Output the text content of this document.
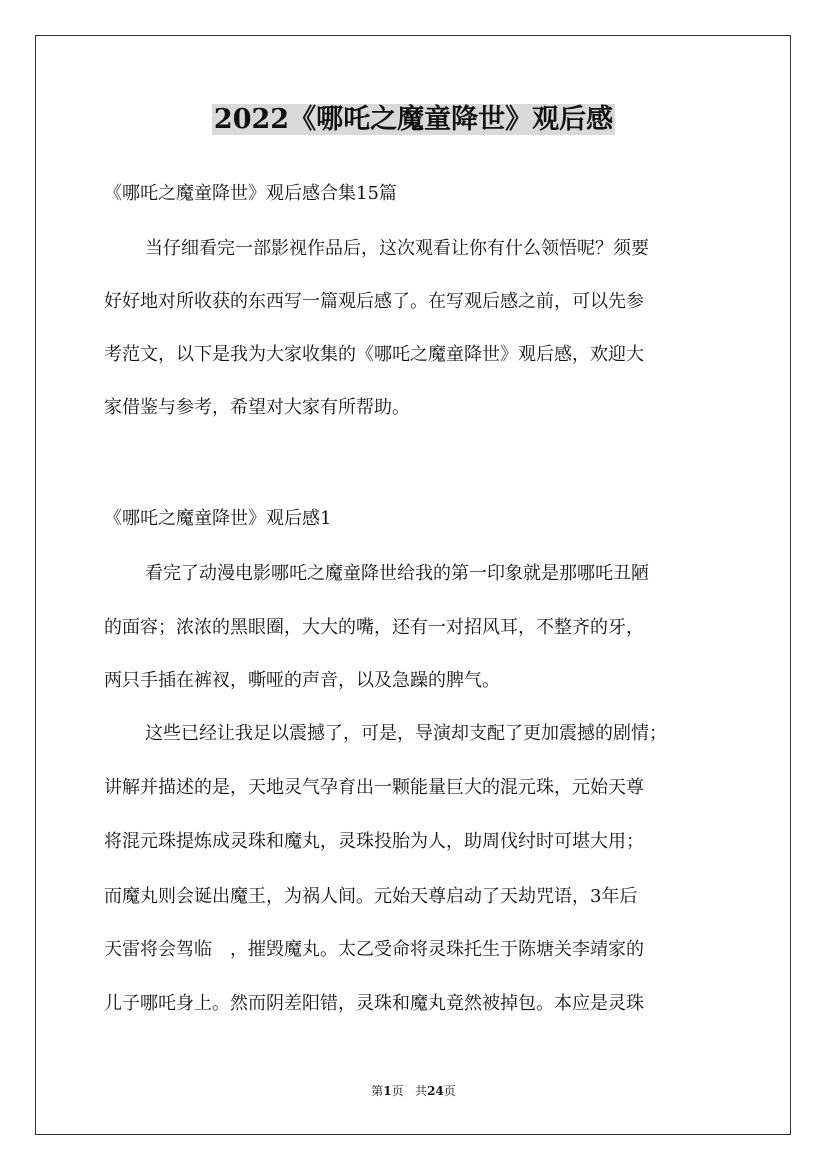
2022《哪吒之魔童降世》观后感
《哪吒之魔童降世》观后感合集15篇
当仔细看完一部影视作品后，这次观看让你有什么领悟呢？须要
好好地对所收获的东西写一篇观后感了。在写观后感之前，可以先参
考范文，以下是我为大家收集的《哪吒之魔童降世》观后感，欢迎大
家借鉴与参考，希望对大家有所帮助。
《哪吒之魔童降世》观后感1
看完了动漫电影哪吒之魔童降世给我的第一印象就是那哪吒丑陋
的面容；浓浓的黑眼圈，大大的嘴，还有一对招风耳，不整齐的牙，
两只手插在裤衩，嘶哑的声音，以及急躁的脾气。
这些已经让我足以震撼了，可是，导演却支配了更加震撼的剧情；
讲解并描述的是，天地灵气孕育出一颗能量巨大的混元珠，元始天尊
将混元珠提炼成灵珠和魔丸，灵珠投胎为人，助周伐纣时可堪大用；
而魔丸则会诞出魔王，为祸人间。元始天尊启动了天劫咒语，3年后
天雷将会驾临　，摧毁魔丸。太乙受命将灵珠托生于陈塘关李靖家的
儿子哪吒身上。然而阴差阳错，灵珠和魔丸竟然被掉包。本应是灵珠
第1页 共24页
